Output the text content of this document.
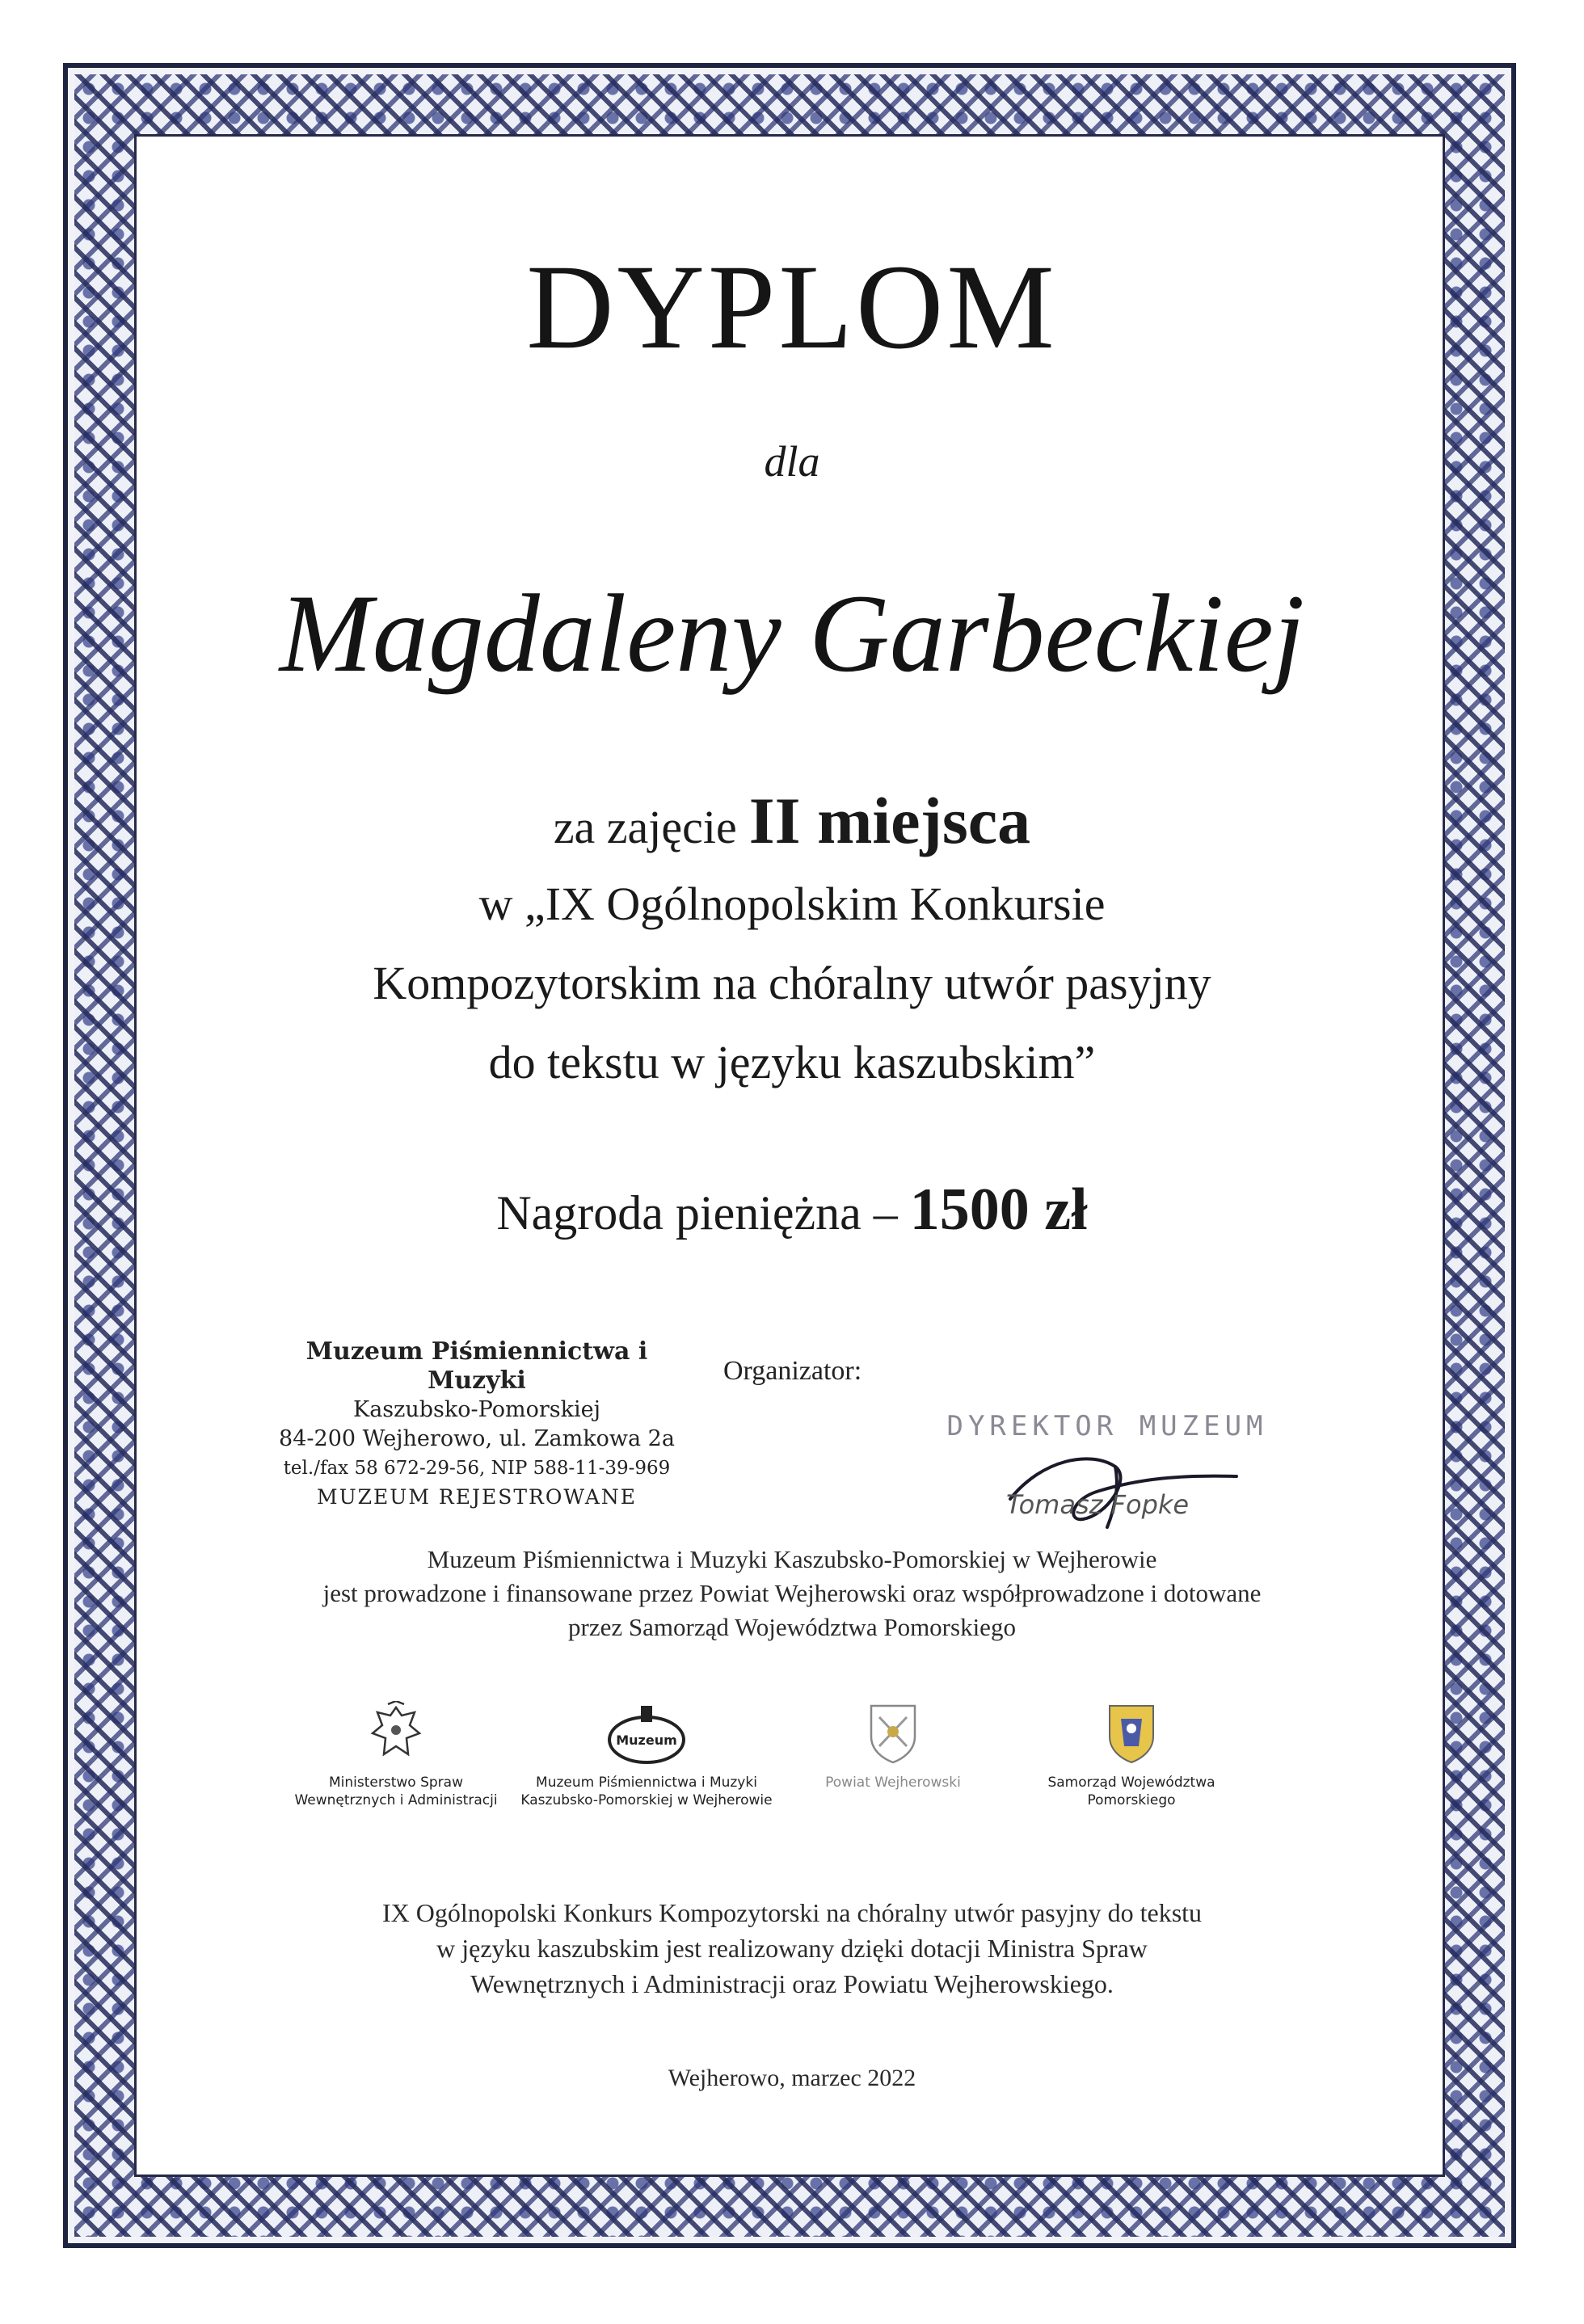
DYPLOM
dla
Magdaleny Garbeckiej
za zajęcie II miejsca
w „IX Ogólnopolskim Konkursie
Kompozytorskim na chóralny utwór pasyjny
do tekstu w języku kaszubskim”
Nagroda pieniężna – 1500 zł
Muzeum Piśmiennictwa i Muzyki
Kaszubsko-Pomorskiej
84-200 Wejherowo, ul. Zamkowa 2a
tel./fax 58 672-29-56, NIP 588-11-39-969
MUZEUM REJESTROWANE
Organizator:
DYREKTOR MUZEUM
Tomasz Fopke
Muzeum Piśmiennictwa i Muzyki Kaszubsko-Pomorskiej w Wejherowie
jest prowadzone i finansowane przez Powiat Wejherowski oraz współprowadzone i dotowane
przez Samorząd Województwa Pomorskiego
Ministerstwo Spraw
Wewnętrznych i Administracji
Muzeum
Muzeum Piśmiennictwa i Muzyki
Kaszubsko-Pomorskiej w Wejherowie
Powiat Wejherowski	Samorząd Województwa
Pomorskiego
IX Ogólnopolski Konkurs Kompozytorski na chóralny utwór pasyjny do tekstu
w języku kaszubskim jest realizowany dzięki dotacji Ministra Spraw
Wewnętrznych i Administracji oraz Powiatu Wejherowskiego.
Wejherowo, marzec 2022
